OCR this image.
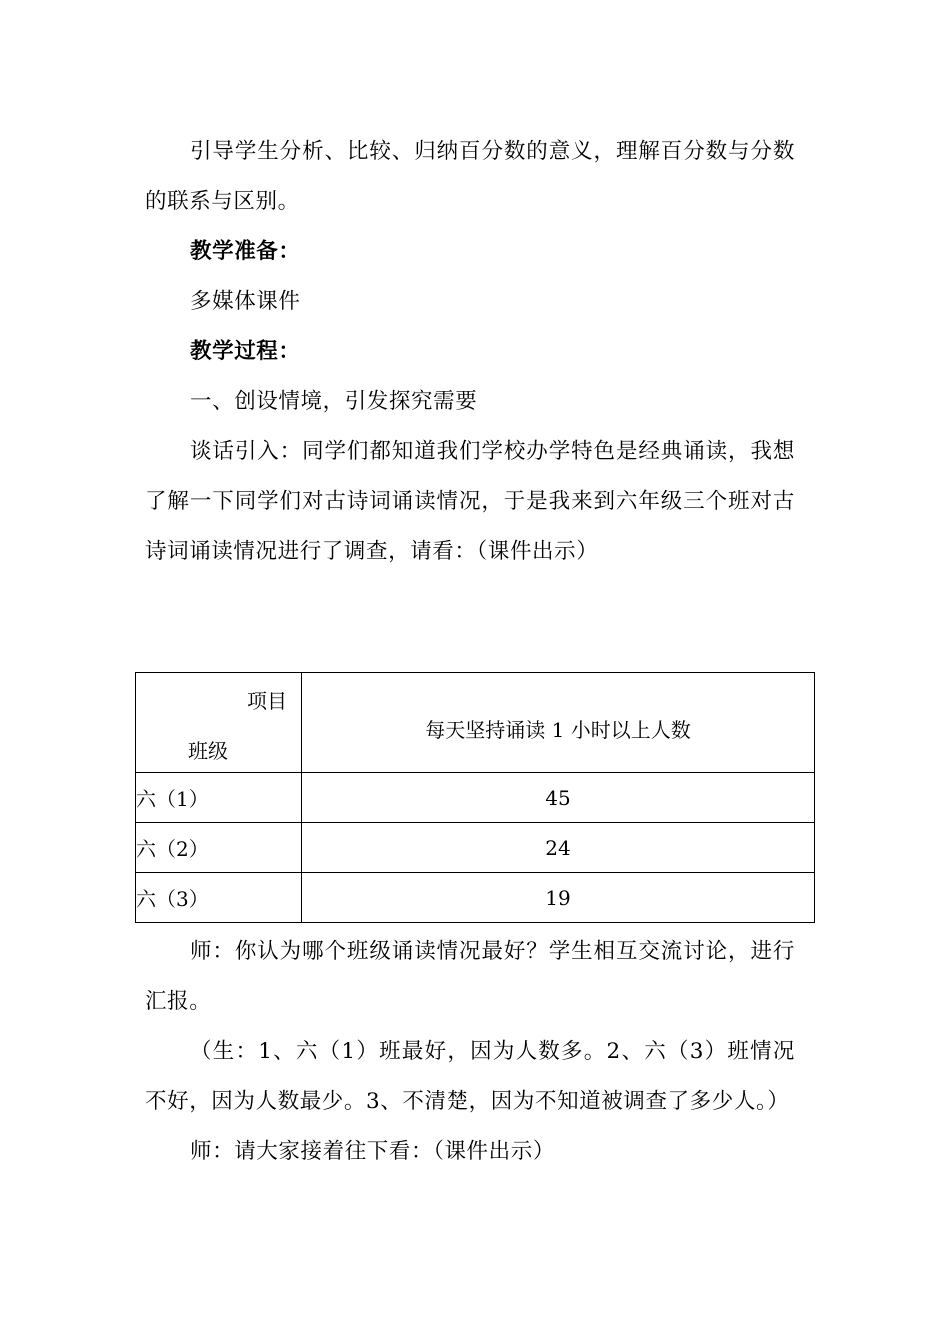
引导学生分析、比较、归纳百分数的意义，理解百分数与分数的联系与区别。

教学准备：

多媒体课件

教学过程：

一、创设情境，引发探究需要

谈话引入：同学们都知道我们学校办学特色是经典诵读，我想了解一下同学们对古诗词诵读情况，于是我来到六年级三个班对古诗词诵读情况进行了调查，请看：（课件出示）

项目
班级	每天坚持诵读 1 小时以上人数

六（1）	45
六（2）	24
六（3）	19

师：你认为哪个班级诵读情况最好？学生相互交流讨论，进行汇报。

（生：1、六（1）班最好，因为人数多。2、六（3）班情况不好，因为人数最少。3、不清楚，因为不知道被调查了多少人。）

师：请大家接着往下看：（课件出示）
